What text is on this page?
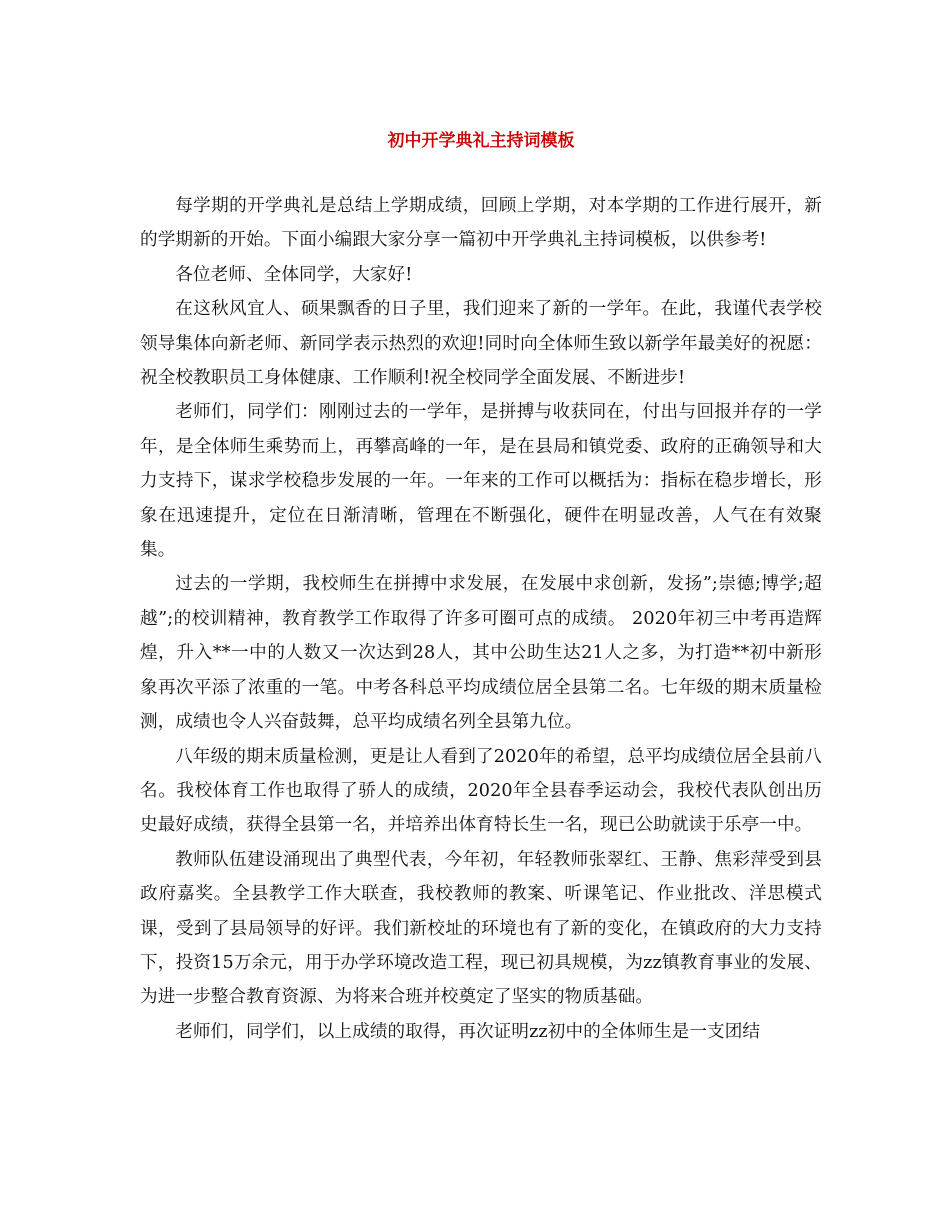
初中开学典礼主持词模板

每学期的开学典礼是总结上学期成绩，回顾上学期，对本学期的工作进行展开，新的学期新的开始。下面小编跟大家分享一篇初中开学典礼主持词模板，以供参考!

各位老师、全体同学，大家好!

在这秋风宜人、硕果飘香的日子里，我们迎来了新的一学年。在此，我谨代表学校领导集体向新老师、新同学表示热烈的欢迎!同时向全体师生致以新学年最美好的祝愿：祝全校教职员工身体健康、工作顺利!祝全校同学全面发展、不断进步!

老师们，同学们：刚刚过去的一学年，是拼搏与收获同在，付出与回报并存的一学年，是全体师生乘势而上，再攀高峰的一年，是在县局和镇党委、政府的正确领导和大力支持下，谋求学校稳步发展的一年。一年来的工作可以概括为：指标在稳步增长，形象在迅速提升，定位在日渐清晰，管理在不断强化，硬件在明显改善，人气在有效聚集。

过去的一学期，我校师生在拼搏中求发展，在发展中求创新，发扬”;崇德;博学;超越”;的校训精神，教育教学工作取得了许多可圈可点的成绩。 2020年初三中考再造辉煌，升入**一中的人数又一次达到28人，其中公助生达21人之多，为打造**初中新形象再次平添了浓重的一笔。中考各科总平均成绩位居全县第二名。七年级的期末质量检测，成绩也令人兴奋鼓舞，总平均成绩名列全县第九位。

八年级的期末质量检测，更是让人看到了2020年的希望，总平均成绩位居全县前八名。我校体育工作也取得了骄人的成绩，2020年全县春季运动会，我校代表队创出历史最好成绩，获得全县第一名，并培养出体育特长生一名，现已公助就读于乐亭一中。

教师队伍建设涌现出了典型代表，今年初，年轻教师张翠红、王静、焦彩萍受到县政府嘉奖。全县教学工作大联查，我校教师的教案、听课笔记、作业批改、洋思模式课，受到了县局领导的好评。我们新校址的环境也有了新的变化，在镇政府的大力支持下，投资15万余元，用于办学环境改造工程，现已初具规模，为zz镇教育事业的发展、为进一步整合教育资源、为将来合班并校奠定了坚实的物质基础。

老师们，同学们，以上成绩的取得，再次证明zz初中的全体师生是一支团结
